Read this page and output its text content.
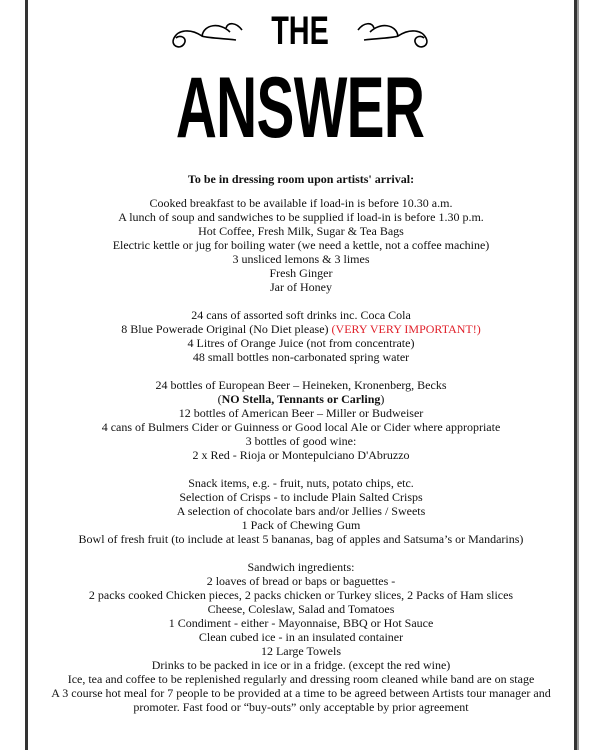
THE
ANSWER
To be in dressing room upon artists' arrival:
Cooked breakfast to be available if load-in is before 10.30 a.m.
A lunch of soup and sandwiches to be supplied if load-in is before 1.30 p.m.
Hot Coffee, Fresh Milk, Sugar & Tea Bags
Electric kettle or jug for boiling water (we need a kettle, not a coffee machine)
3 unsliced lemons & 3 limes
Fresh Ginger
Jar of Honey
24 cans of assorted soft drinks inc. Coca Cola
8 Blue Powerade Original (No Diet please) (VERY VERY IMPORTANT!)
4 Litres of Orange Juice (not from concentrate)
48 small bottles non-carbonated spring water
24 bottles of European Beer – Heineken, Kronenberg, Becks
(NO Stella, Tennants or Carling)
12 bottles of American Beer – Miller or Budweiser
4 cans of Bulmers Cider or Guinness or Good local Ale or Cider where appropriate
3 bottles of good wine:
2 x Red - Rioja or Montepulciano D'Abruzzo
Snack items, e.g. - fruit, nuts, potato chips, etc.
Selection of Crisps - to include Plain Salted Crisps
A selection of chocolate bars and/or Jellies / Sweets
1 Pack of Chewing Gum
Bowl of fresh fruit (to include at least 5 bananas, bag of apples and Satsuma’s or Mandarins)
Sandwich ingredients:
2 loaves of bread or baps or baguettes -
2 packs cooked Chicken pieces, 2 packs chicken or Turkey slices, 2 Packs of Ham slices
Cheese, Coleslaw, Salad and Tomatoes
1 Condiment - either - Mayonnaise, BBQ or Hot Sauce
Clean cubed ice - in an insulated container
12 Large Towels
Drinks to be packed in ice or in a fridge. (except the red wine)
Ice, tea and coffee to be replenished regularly and dressing room cleaned while band are on stage
A 3 course hot meal for 7 people to be provided at a time to be agreed between Artists tour manager and
promoter. Fast food or “buy-outs” only acceptable by prior agreement
